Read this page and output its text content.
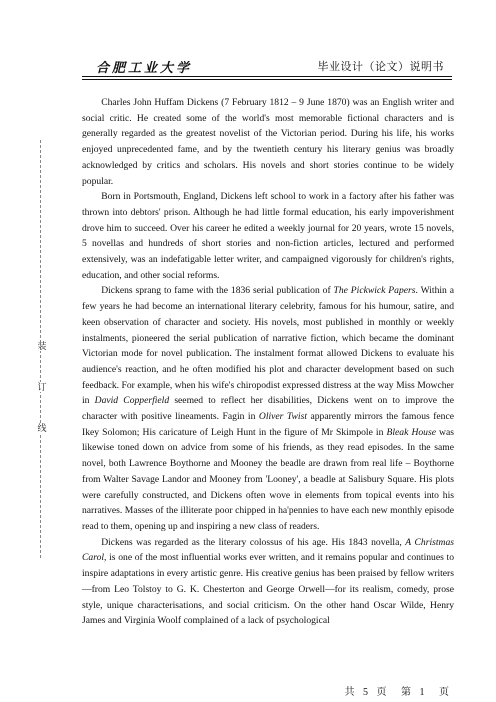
合肥工业大学	毕业设计（论文）说明书
装
订
线

Charles John Huffam Dickens (7 February 1812 – 9 June 1870) was an English writer and social critic. He created some of the world's most memorable fictional characters and is generally regarded as the greatest novelist of the Victorian period. During his life, his works enjoyed unprecedented fame, and by the twentieth century his literary genius was broadly acknowledged by critics and scholars. His novels and short stories continue to be widely popular.

Born in Portsmouth, England, Dickens left school to work in a factory after his father was thrown into debtors' prison. Although he had little formal education, his early impoverishment drove him to succeed. Over his career he edited a weekly journal for 20 years, wrote 15 novels, 5 novellas and hundreds of short stories and non-fiction articles, lectured and performed extensively, was an indefatigable letter writer, and campaigned vigorously for children's rights, education, and other social reforms.

Dickens sprang to fame with the 1836 serial publication of The Pickwick Papers. Within a few years he had become an international literary celebrity, famous for his humour, satire, and keen observation of character and society. His novels, most published in monthly or weekly instalments, pioneered the serial publication of narrative fiction, which became the dominant Victorian mode for novel publication. The instalment format allowed Dickens to evaluate his audience's reaction, and he often modified his plot and character development based on such feedback. For example, when his wife's chiropodist expressed distress at the way Miss Mowcher in David Copperfield seemed to reflect her disabilities, Dickens went on to improve the character with positive lineaments. Fagin in Oliver Twist apparently mirrors the famous fence Ikey Solomon; His caricature of Leigh Hunt in the figure of Mr Skimpole in Bleak House was likewise toned down on advice from some of his friends, as they read episodes. In the same novel, both Lawrence Boythorne and Mooney the beadle are drawn from real life – Boythorne from Walter Savage Landor and Mooney from 'Looney', a beadle at Salisbury Square. His plots were carefully constructed, and Dickens often wove in elements from topical events into his narratives. Masses of the illiterate poor chipped in ha'pennies to have each new monthly episode read to them, opening up and inspiring a new class of readers.

Dickens was regarded as the literary colossus of his age. His 1843 novella, A Christmas Carol, is one of the most influential works ever written, and it remains popular and continues to inspire adaptations in every artistic genre. His creative genius has been praised by fellow writers—from Leo Tolstoy to G. K. Chesterton and George Orwell—for its realism, comedy, prose style, unique characterisations, and social criticism. On the other hand Oscar Wilde, Henry James and Virginia Woolf complained of a lack of psychological

共 5 页 第 1 页
